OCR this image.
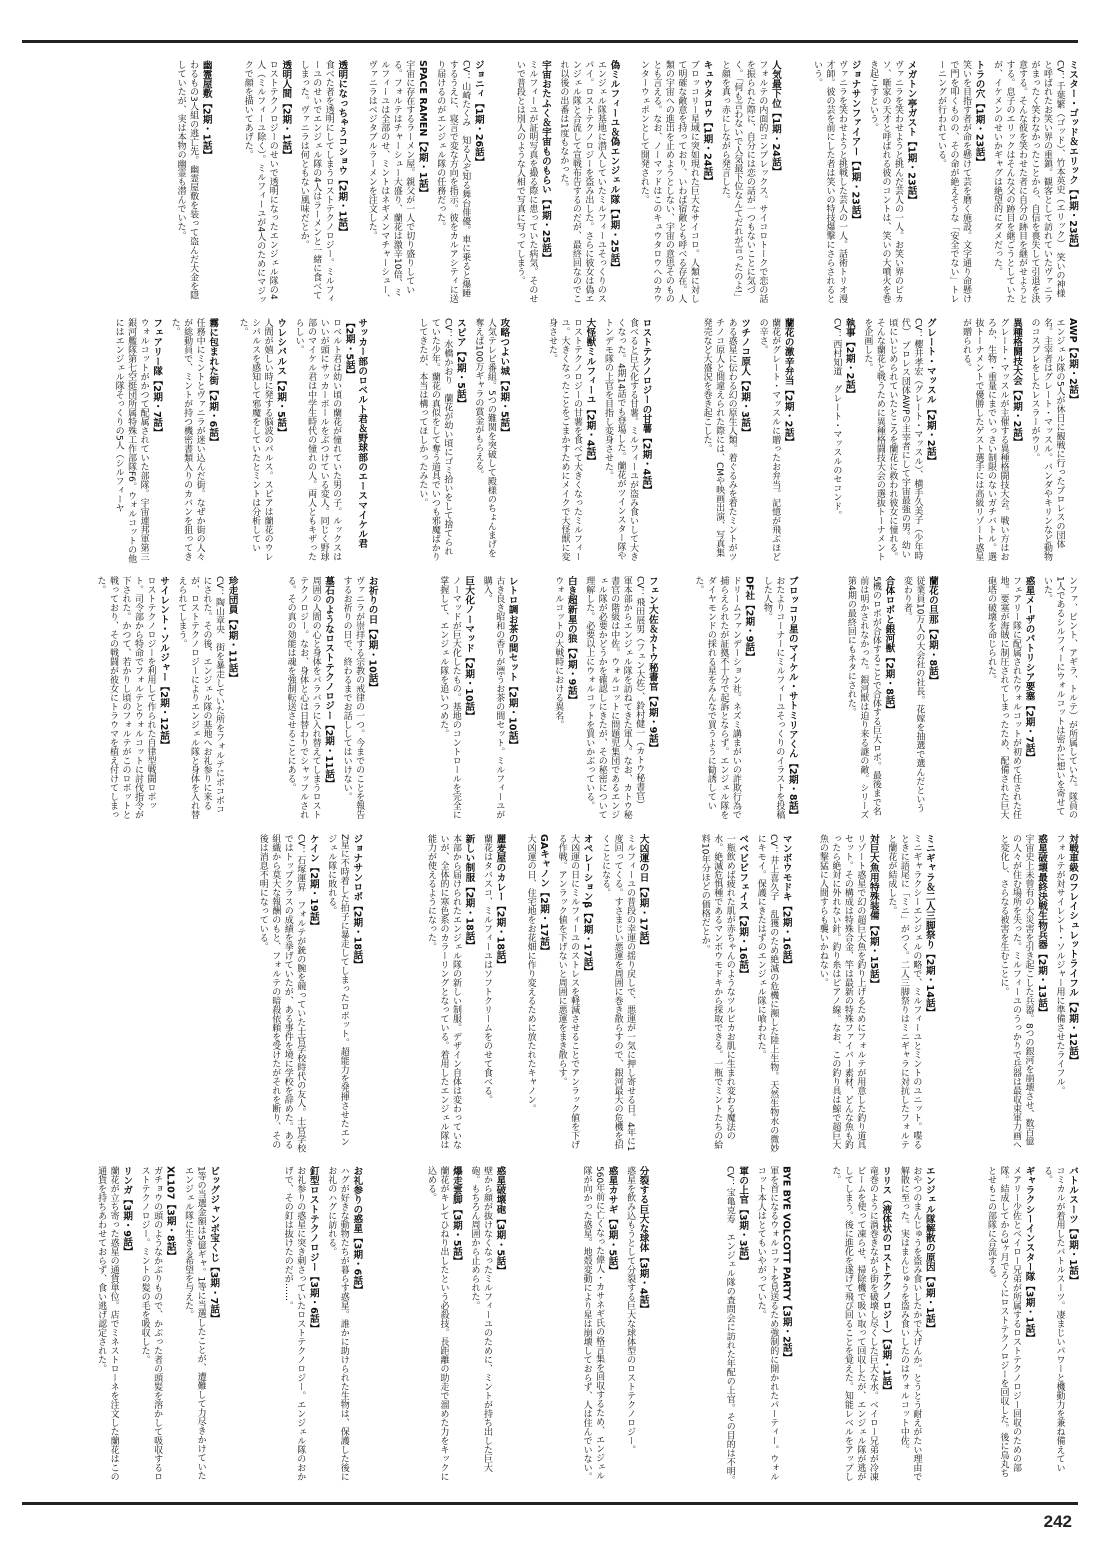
ミスター・ゴッド＆エリック【1期・23話】
CV：千葉繁（ゴッド）、竹本英史（エリック）　笑いの神様と呼ばれたお笑い界の重鎮。観客として訪れていたヴァニラがまったく笑わなかったことから、自信を喪失して引退を決意する。そんな彼を笑わせた者に自分の跡目を継がせようとする。息子のエリックはそんな父の跡目を継ごうとしていたが、イケメンのせいかギャグは絶望的にダメだった。
トラの穴【1期・23話】
笑いを目指す者が命を懸けて芸を磨く施設。文字通り命懸けで門を叩くものの、その命が絶えそうな「安全でない」トレーニングが行われている。
メガトン亭ガスト【1期・23話】
ヴァニラを笑わせようと挑んだ芸人の一人。お笑い界のピカソ、噺家の天才と呼ばれる彼のコントは、笑いの大噴火を巻き起こすという。
ジョナサンファイアー【1期・23話】
ヴァニラを笑わせようと挑戦した芸人の一人。話術トリオ漫才師。彼の芸を前にした者は笑いの特技爆撃にさらされるという。
人気最下位【1期・24話】
フォルテの内面的コンプレックス。サイコロトークで恋の話を振られた際に、自分には恋の話が一つもないことに気づく。「何も言わないで人気最下位なんてだれが言ったのよ!」と顔を真っ赤にしながら発言した。
キュウタロウ【1期・24話】
ブロッコリー星域に突如現れた巨大なサイコロ。人類に対して明確な敵意を持っており、いわば宿敵とも呼べる存在。人類の宇宙への進出を止めようとしない、宇宙の意思そのものとも言える。なお、ノーマッドはこのキュウタロウへのカウンターウェポンとして開発された。
偽ミルフィーユ＆偽エンジェル隊【1期・25話】
エンジェル隊基地に潜入していたミルフィーユそっくりのスパイ。ロストテクノロジーを盗み出した。さらに彼女は偽エンジェル隊と合流して宣戦布告するのだが、最終回なのでこれ以後の出番は1度もなかった。
宇宙おたふく＆宇宙ものもらい【1期・25話】
ミルフィーユが証明写真を撮る際に患っていた病気。そのせいで普段とは別人のような人相で写真に写ってしまう。
ジョニィ【1期・26話】
CV：山崎たくみ　知る人ぞ知る舞台俳優。車に乗ると爆睡するうえに、寝言で変な方向を指示。彼をカルアシティに送り届けるのがエンジェル隊の任務だった。
SPACE RAMEN【2期・1話】
宇宙に存在するラーメン屋。親父が一人で切り盛りしている。フォルテはチャーシュー大盛り、蘭花は激辛10倍、ミルフィーユは全部のせ、ミントはネギメンマチャーシュー、ヴァニラはベジタブルラーメンを注文した。
透明になっちゃうコショウ【2期・1話】
食べた者を透明にしてしまうロストテクノロジー。ミルフィーユのせいでエンジェル隊の4人はラーメンと一緒に食べてしまった。ヴァニラは何ともない風味だとか。
透明人間【2期・1話】
ロストテクノロジーのせいで透明になったエンジェル隊の4人（ミルフィーユ除く）。ミルフィーユが4人のためにマジックで顔を描いてあげた。
幽霊屋敷【2期・1話】
わるもの3人組の逃亡先。幽霊屋敷を装って盗んだ大金を隠していたが、実は本物の幽霊も潜んでいた。
AWP【2期・2話】
エンジェル隊の5人が休日に観戦に行ったプロレスの団体名。主宰者はグレート・マッスル。バンダやキリンなど動物のコスプレをしたレスラーがウリ。
異種格闘技大会【2期・2話】
グレート・マッスルが主催する異種格闘技大会。戦い方はおろか、生物・重量にまでいっさい制限のないガチバトル。選抜トーナメントで優勝したゲスト選手には高級リゾート惑星が贈られる。
グレート・マッスル【2期・2話】
CV：櫻井孝宏（グレート・マッスル）、横手久美子（少年時代）　プロレス団体AWPの主宰者にして宇宙最強の男。幼い頃にいじめられていたところを蘭花に救われ彼女に憧れる。そんな蘭花と戦うために異種格闘技大会の選抜トーナメントを企画した。
執事【2期・2話】
CV：西村知道　グレート・マッスルのセコンド。
蘭花の激辛弁当【2期・2話】
蘭花がグレート・マッスルに贈ったお弁当。記憶が飛ぶほどの辛さ。
ツチノコ原人【2期・3話】
ある惑星に伝わる幻の原生人類。着ぐるみを着たミントがツチノコ原人と間違えられた際には、CMや映画出演、写真集発売など大盛況を巻き起こした。
ロストテクノロジーの甘薯【2期・4話】
食べると巨大化する甘薯。ミルフィーユが盗み食いして大きくなった。4期14話でも登場した。蘭花がツインスター隊やトンデモ隊の上官を目指し変身させた。
大怪獣ミルフィーユ【2期・4話】
ロストテクノロジーの甘薯を食べて大きくなったミルフィーユ。大きくなったことをごまかすためにメイクで大怪獣に変身させた。
攻略つよい城【2期・5話】
人気テレビ番組。5つの難関を突破して殿様のちょんまげを奪えば100万ギャラの賞金がもらえる。
スピア【2期・5話】
CV：水橋かおり　蘭花が幼い頃にゴミ拾いをして捨てられていた少年。蘭花の真似をして奪う道具でいつも邪魔ばかりしてきたが、本当は構ってほしかったみたい。
サッカー部のロベルト君＆野球部のエースマイケル君【2期・5話】
ロベルト君は幼い頃の蘭花が憧れていた男の子。ルックスはいいが頭にサッカーボールをぶつけている変人。同じく野球部のマイケル君は中学生時代の憧れの人。両人ともキザったらしい。
ウレシパルス【2期・5話】
人間が嬉しい時に発する脳波のパルス。スピアは蘭花のウレシパルスを感知して邪魔をしていたとミントは分析していた。
霧に包まれた街【2期・6話】
任務中にミントとヴァニラが迷い込んだ街。なぜか街の人々が総動員で、ミントが持つ機密書類入りのカバンを狙ってきた。
フェアリー隊【2期・7話】
ウォルコットがかつて配属されていた部隊。宇宙連邦軍第三銀河艦隊第七空挺団所属特殊工作部隊F6。ウォルコットの他にはエンジェル隊そっくりの5人（シルフィーヤ
ンファ、ピント、アギラ、トルテ）が所属していた。隊員の1人であるシルフィーにウォルコットは密かに想いを寄せていた。
惑星メーザのパトリシア要塞【2期・7話】
フェアリー隊に配属されたウォルコットが初めて任された任地。要塞が海賊に制圧されてしまったため、配備された巨大砲塔の破壊を命じられた。
蘭花の旦那【2期・8話】
従業員10万人の大会社の社長。花嫁を抽選で選んだという変わり者。
合体ロボと銀河獣【2期・8話】
5機のロボが合体することで合体する巨大ロボ。最後まで名前は明かされなかった。銀河獣は迫り来る謎の敵。シリーズ第4期の最終回にもネタにされた。
ブロッコリ星のマイケル・サトミリアくん【2期・8話】
おたよりコーナーにミルフィーユそっくりのイラストを投稿した人物。
DF社【2期・9話】
ドリームファンデーション社。ネズミ講まがいの詐欺行為で捕らえられたが証拠不十分で起訴とならず。エンジェル隊をダイヤモンドの採れる星をみんなで買うように勧誘していた。
フェン大佐＆カトウ秘書官【2期・9話】
CV：飛田展男（フェン大佐）、鈴村健一（カトウ秘書官）　軍本部からエンジェル隊を訪ねてきた軍人。なお、カトウ秘書官の階級は中佐。ウォルコットに問題児集団であるエンジェル隊が必要かどうかを確認しにきたが、その秘密について理解した。必要以上にウォルコットを買いかぶっている。
白き超新星の狼【2期・9話】
ウォルコットの大戦時における異名。
レトロ調お茶の間セット【2期・10話】
古き良き昭和の香りが漂うお茶の間セット。ミルフィーユが購入。
巨大化ノーマッド【2期・10話】
ノーマッドが巨大化したもの。基地のコントロールを完全に掌握して、エンジェル隊を追いつめた。
お祈りの日【2期・10話】
ヴァニラが崇拝する宗教の戒律の一つ。今までのことを報告するお祈りの日で、終わるまでお話ししてはいけない。
墓石のようなロストテクノロジー【2期・11話】
周囲の人間の心と身体をバラバラに入れ替えてしまうロストテクノロジー。なお、身体と心は日替わりでシャッフルされる。その真の効能は魂を強制転送させることにある。
珍走団員【2期・11話】
CV：陶山章央　街を暴走していた所をフォルテにボコボコにされた。その後、エンジェル隊の基地へお礼参りに来るが、ロストテクノロジーによりエンジェル隊と身体を入れ替えられてしまう。
サイレント・ソルジャー【2期・12話】
ロストテクノロジーを利用して作られた自律型戦闘ロボット。司令部から特命でフォルテとウォルコットに討伐指令が下された。かつて、若かりし頃のフォルテがこのロボットと戦っており、その戦闘が彼女にトラウマを植え付けてしまった。
242
対戦車級のフレイシュレットライフル【2期・12話】
フォルテが対サイレント・ソルジャー用に準備させたライフル。
惑星破壊最終決戦生物兵器【2期・13話】
宇宙史上未曾有の大災害を引き起こした兵器。8つの銀河を崩壊させ、数百億の人々が住む場所を失った。ミルフィーユのうっかりで兵器は最収束軍力画へと変化し、さらなる被害を生むことに。
ミニギャラ＆二人三脚祭り【2期・14話】
ミニギャラクシーエンジェルの略で、ミルフィーユとミントのユニット。喋るときに語尾に「ミニ」がつく。二人三脚祭りはミニギャラに対抗したフォルテと蘭花が結成した。
対巨大魚用特殊装備【2期・15話】
リゾート惑星で幻の超巨大魚を釣り上げるためにフォルテが用意した釣り道具セット。その構成は特殊合金、竿は最新の特殊ファイバー素材、どんな魚も釣ったら絶対に外れない針。釣り糸はピアノ線。なお、この釣り具は鯨で超巨大魚の撃猛に人間すらも襲いかねない。
マンボウモドキ【2期・16話】
CV：井上喜久子　乱獲のため絶滅の危機に瀕した陸上生物。天然生物水の微妙にキモイ。保護にきたはずのエンジェル隊に喰われた。
ベベビビフェイス【2期・16話】
一瓶飲めば疲れた肌が赤ちゃんのようなツルピカお肌に生まれ変わる魔法の水。絶滅危惧種であるマンボウモドキから採取できる。一瓶でミントたちの給料10年分ほどの価格だとか。
大凶運の日【2期・17話】
ミルフィーユの普段の幸運の揺り戻しで、悪運が一気に押し寄せる日。4年に1度回ってくる。すさまじい悪運を周囲に巻き散らすので、銀河最大の危機を招くことになる。
オペレーションβ【2期・17話】
大凶運の日にミルフィーユのストレスを軽減させることでアンラック値を下げる作戦。アンラック値を下げないと周囲に悪運をまき散らす。
GAキャノン【2期・17話】
大凶運の日、住宅地をお花畑に作り変えるために放たれたキャノン。
麗麦屋のカレー【2期・18話】
蘭花はタバスコ、ミルフィーユはソフトクリームをのせて食べる。
新しい制服【2期・18話】
本部から届けられたエンジェル隊の新しい制服。デザイン自体は変わっていないが、全体的に寒色系のカラーリングとなっている。着用したエンジェル隊は能力が使えるようになった。
ジョナサンロボ【2期・18話】
Z星に不時着した拍子に暴走してしまったロボット。超能力を発揮させたエンジェル隊に敗れる。
ケイン【2期・19話】
CV：石塚運昇　フォルテが銃の腕を競っていた士官学校時代の友人。士官学校ではトップクラスの成績を挙げていたが、ある事件を境に学校を辞めた。ある組織から莫大な報酬のもと、フォルテの暗殺依頼を受けたがそれを断り、その後は消息不明になっている。
バトルスーツ【3期・1話】
コミカルが着用したバトルスーツ。凄まじいパワーと機動力を兼ね備えている。
ギャラクシーインスター隊【3期・1話】
メアリー少佐とベイロー兄弟が所属するロストテクノロジー回収のための部隊。結成してから3ヶ月でろくにロストテクノロジーを回収した。後に鳥丸ちとせもこの部隊に合流する。
エンジェル隊解散の原因【3期・1話】
おやつのまんじゅうを盗み食いしたかで大げんか。とうとう耐えがたい理由で解散に至った。実はまんじゅうを盗み食いしたのはウォルコット中佐。
リリス（液体状のロストテクノロジー）【3期・1話】
竜巻のように渦巻きながら街を破壊し尽くした巨大な水。ベイロー兄弟が冷凍ビームを使って凍らせ、掃除機で吸い取って回収したが、エンジェル隊が逃がしてしまう。後に進化を遂げて飛び回ることを覚えた。知能レベルをアップした。
BYE BYE VOLCOTT PARTY【3期・2話】
軍を首になるウォルコットを見送るため強制的に開かれたパーティー。ウォルコット本人はとてもいやがっていた。
軍の上官【3期・3話】
CV：宝亀克寿　エンジェル隊の査問会に訪れた年配の上官。その目的は不明。
分裂する巨大な球体【3期・4話】
惑星を飲み込もうとして分裂する巨大な球体型のロストテクノロジー。
惑星カサギ【3期・5話】
560年前に亡くなった偉人・カサネギ氏の格言集を回収するため、エンジェル隊が向かった惑星。地殻変動により星は崩壊しておらず、人は住んでいない。
惑星破壊砲【3期・5話】
壁から顔が抜けなくなったミルフィーユのために、ミントが持ち出した巨大砲。もちろん周囲から止められた。
爆走雲脚【3期・5話】
蘭花がキレてひねり出したという必殺技。長距離の助走で溜めた力をキックに込める。
お礼参りの惑星【3期・6話】
ハグが好きな動物たちが暮らす惑星。誰かに助けられた生物は、保護した後にお礼のハグに訪れる。
釘型ロストテクノロジー【3期・6話】
お礼参りの惑星に突き刺さっていたロストテクノロジー。エンジェル隊のおかげで、その釘は抜けたのだが……。
ビッグジャンボ宝くじ【3期・7話】
1等の当選金額は5億ギャ。1等に当選したことが、遭難して力尽きかけていたエンジェル隊に生きる希望を与えた。
XL107【3期・8話】
ガチョウの頭のようなかぶりもので、かぶった者の頭髪を溶かして吸収するロストテクノロジー。ミントの髪の毛を吸収した。
リンガ【3期・9話】
蘭花が立ち寄った惑星の通貨単位。店でミネストローネを注文した蘭花はこの通貨を持ちあわせておらず、食い逃げ認定された。
